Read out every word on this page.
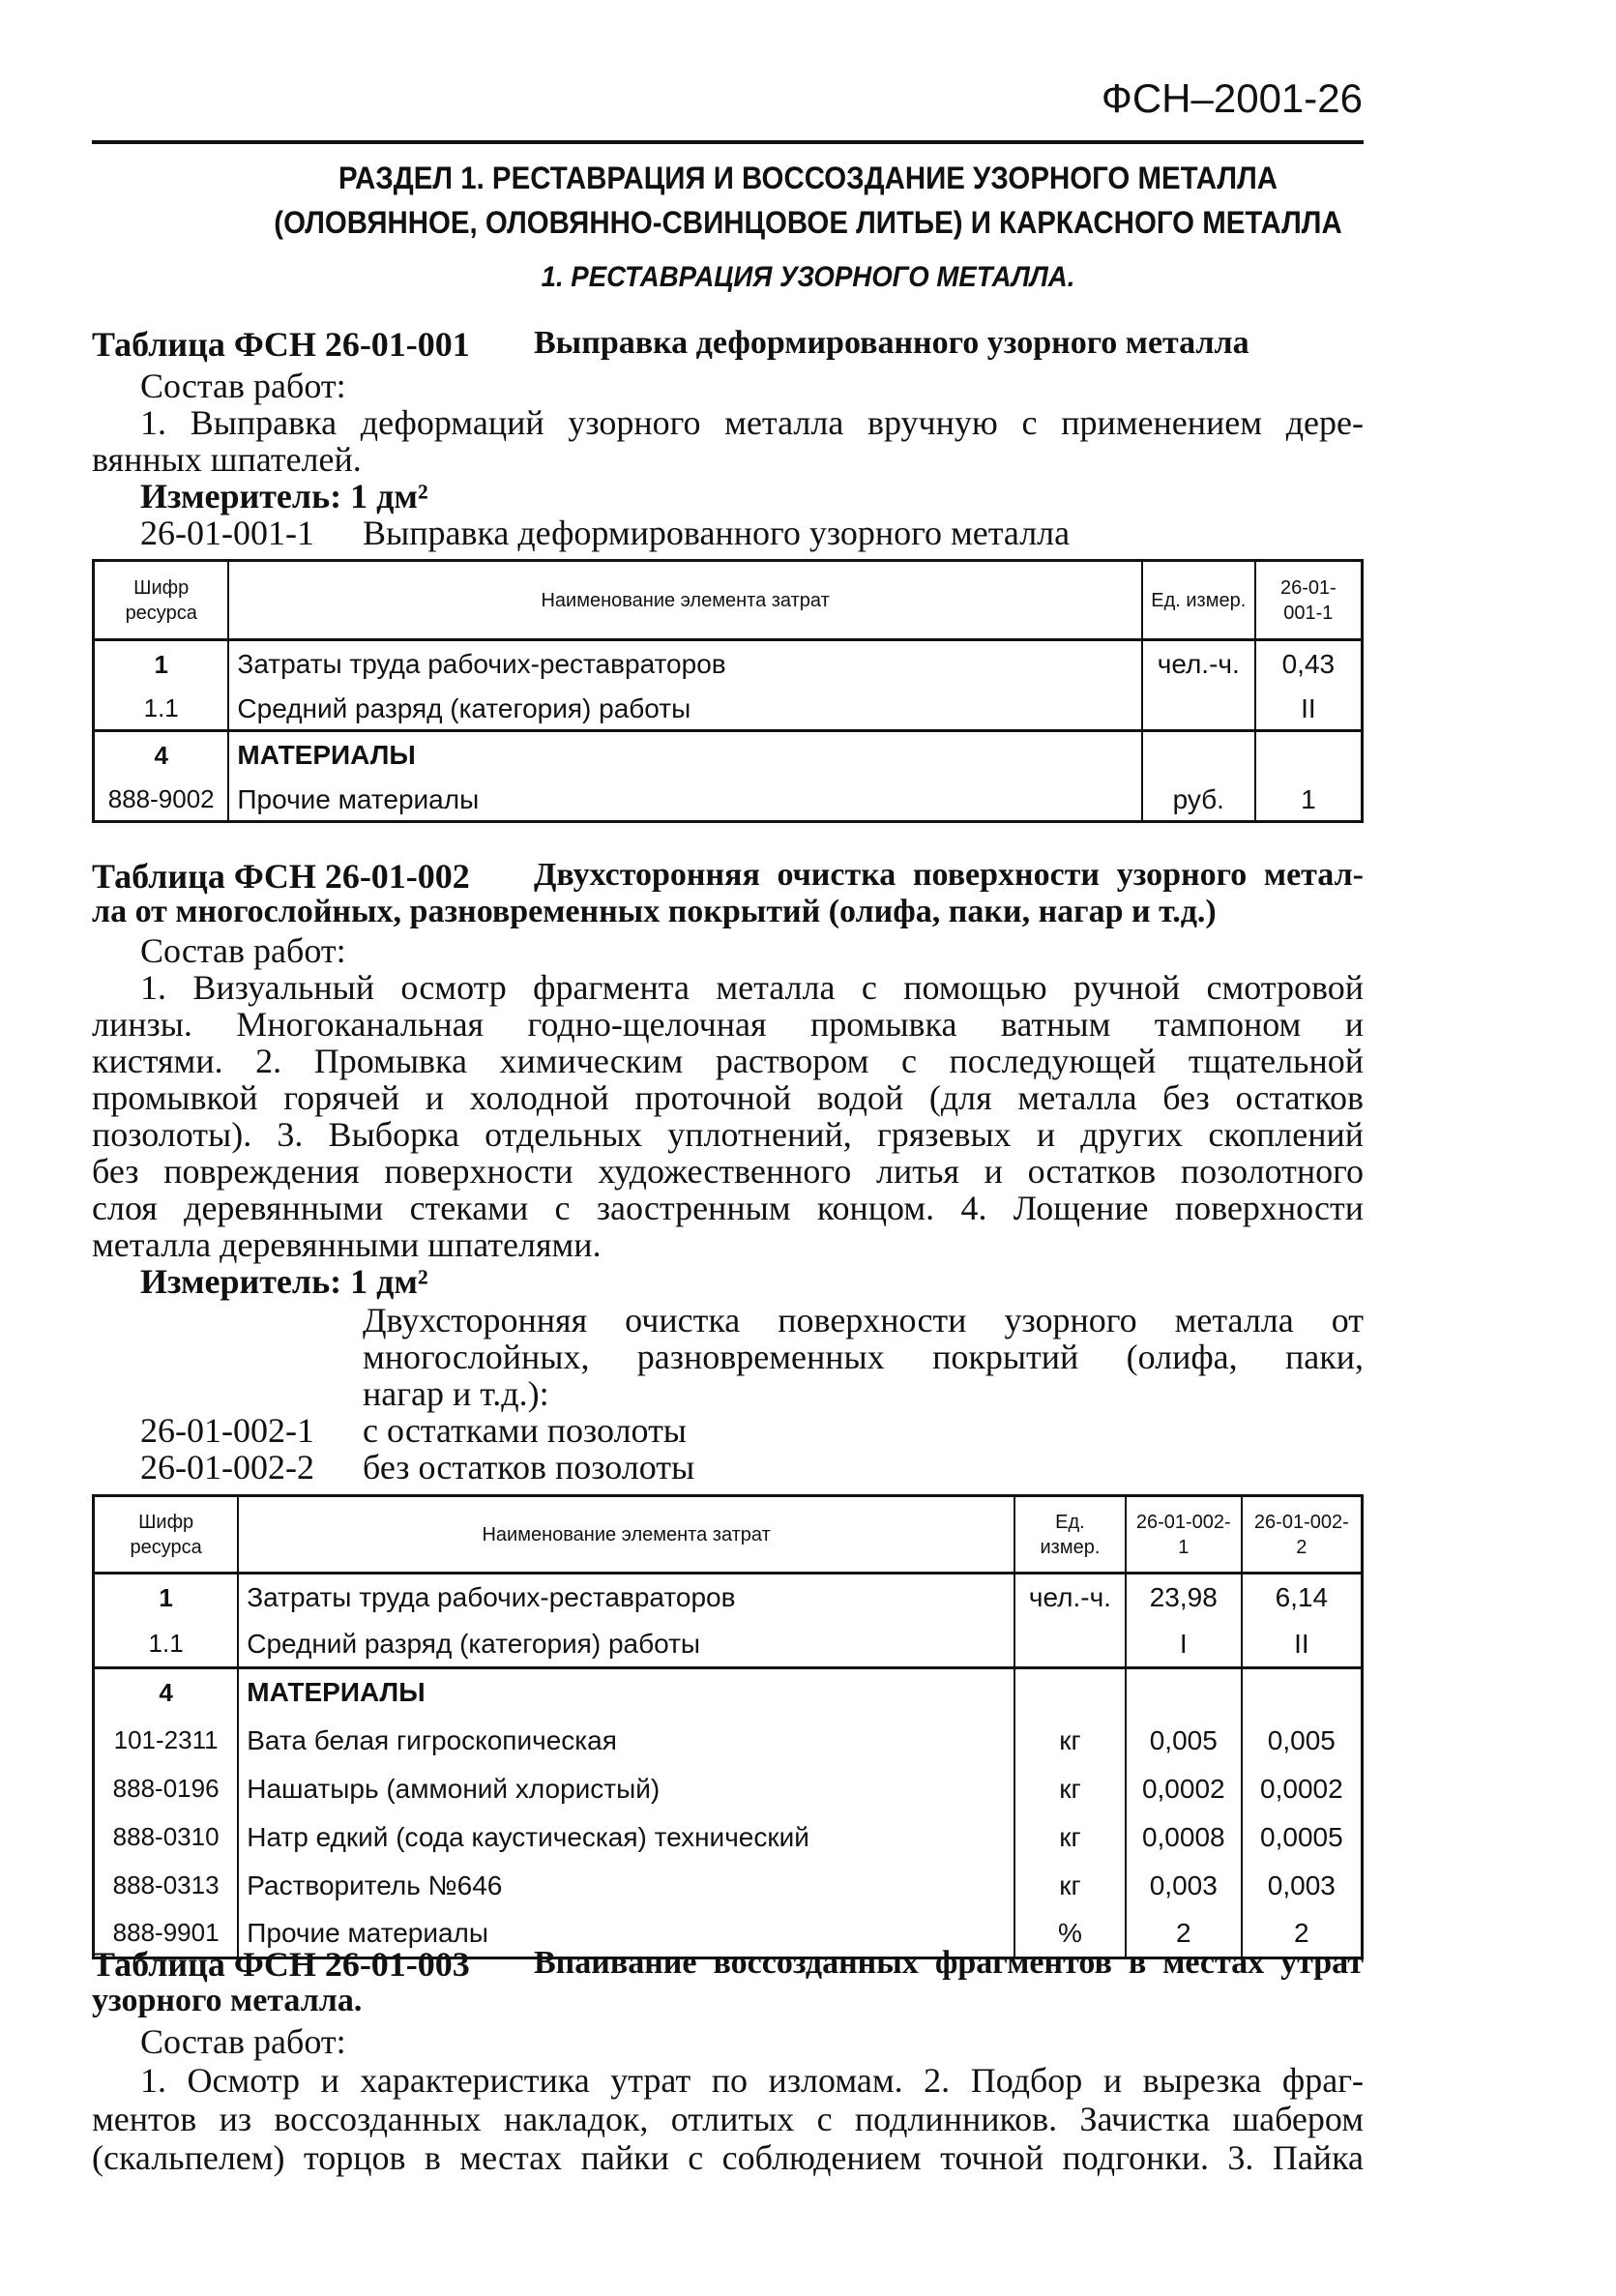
ФСН–2001-26
РАЗДЕЛ 1. РЕСТАВРАЦИЯ И ВОССОЗДАНИЕ УЗОРНОГО МЕТАЛЛА
(ОЛОВЯННОЕ, ОЛОВЯННО-СВИНЦОВОЕ ЛИТЬЕ) И КАРКАСНОГО МЕТАЛЛА
1. РЕСТАВРАЦИЯ УЗОРНОГО МЕТАЛЛА.
Таблица ФСН 26-01-001 Выправка деформированного узорного металла
Состав работ:
1. Выправка деформаций узорного металла вручную с применением дере-
вянных шпателей.
Измеритель: 1 дм²
26-01-001-1 Выправка деформированного узорного металла
Шифр ресурса	Наименование элемента затрат	Ед. измер.	26-01-001-1
1	Затраты труда рабочих-реставраторов	чел.-ч.	0,43
1.1	Средний разряд (категория) работы		II
4	МАТЕРИАЛЫ		
888-9002	Прочие материалы	руб.	1
Таблица ФСН 26-01-002 Двухсторонняя очистка поверхности узорного метал-
ла от многослойных, разновременных покрытий (олифа, паки, нагар и т.д.)
Состав работ:
1. Визуальный осмотр фрагмента металла с помощью ручной смотровой
линзы. Многоканальная годно-щелочная промывка ватным тампоном и
кистями. 2. Промывка химическим раствором с последующей тщательной
промывкой горячей и холодной проточной водой (для металла без остатков
позолоты). 3. Выборка отдельных уплотнений, грязевых и других скоплений
без повреждения поверхности художественного литья и остатков позолотного
слоя деревянными стеками с заостренным концом. 4. Лощение поверхности
металла деревянными шпателями.
Измеритель: 1 дм²
Двухсторонняя очистка поверхности узорного металла от
многослойных, разновременных покрытий (олифа, паки,
нагар и т.д.):
26-01-002-1 с остатками позолоты
26-01-002-2 без остатков позолоты
Шифр ресурса	Наименование элемента затрат	Ед. измер.	26-01-002-1	26-01-002-2
1	Затраты труда рабочих-реставраторов	чел.-ч.	23,98	6,14
1.1	Средний разряд (категория) работы		I	II
4	МАТЕРИАЛЫ			
101-2311	Вата белая гигроскопическая	кг	0,005	0,005
888-0196	Нашатырь (аммоний хлористый)	кг	0,0002	0,0002
888-0310	Натр едкий (сода каустическая) технический	кг	0,0008	0,0005
888-0313	Растворитель №646	кг	0,003	0,003
888-9901	Прочие материалы	%	2	2
Таблица ФСН 26-01-003 Впаивание воссозданных фрагментов в местах утрат
узорного металла.
Состав работ:
1. Осмотр и характеристика утрат по изломам. 2. Подбор и вырезка фраг-
ментов из воссозданных накладок, отлитых с подлинников. Зачистка шабером
(скальпелем) торцов в местах пайки с соблюдением точной подгонки. 3. Пайка
